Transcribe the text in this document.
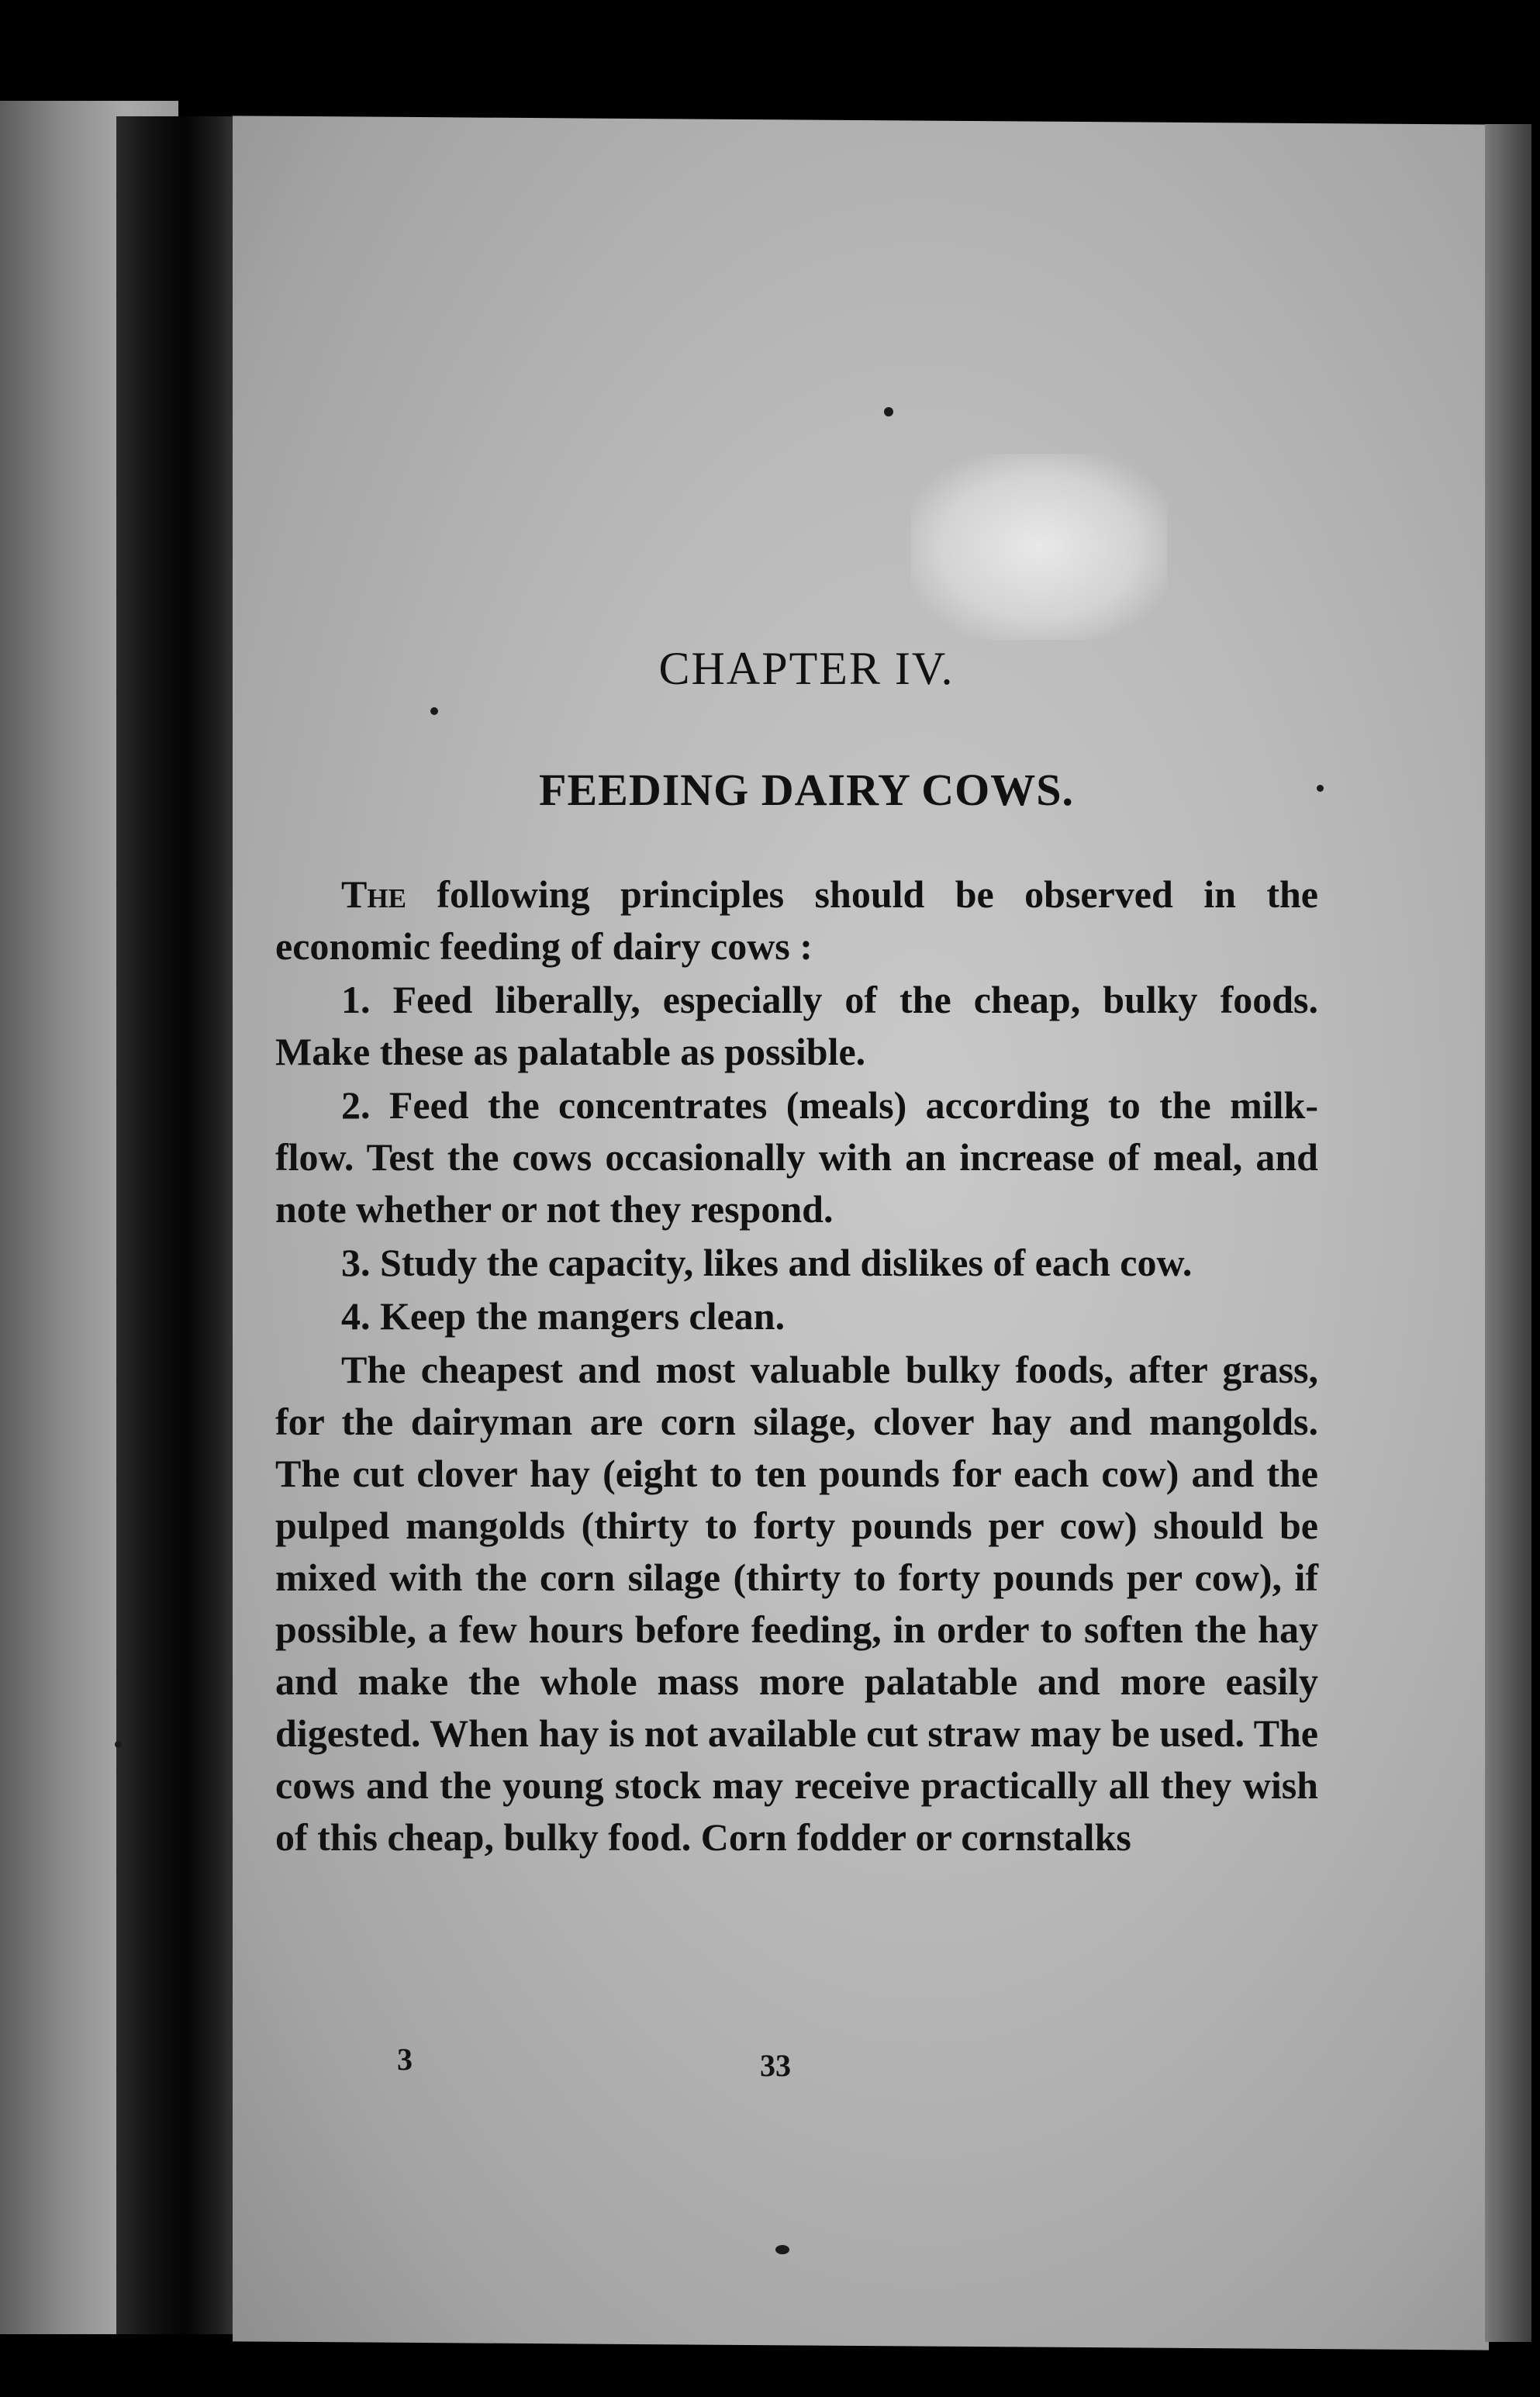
CHAPTER IV.
FEEDING DAIRY COWS.

The following principles should be observed in the economic feeding of dairy cows :

1. Feed liberally, especially of the cheap, bulky foods. Make these as palatable as possible.

2. Feed the concentrates (meals) according to the milk-flow. Test the cows occasionally with an increase of meal, and note whether or not they respond.

3. Study the capacity, likes and dislikes of each cow.

4. Keep the mangers clean.

The cheapest and most valuable bulky foods, after grass, for the dairyman are corn silage, clover hay and mangolds. The cut clover hay (eight to ten pounds for each cow) and the pulped mangolds (thirty to forty pounds per cow) should be mixed with the corn silage (thirty to forty pounds per cow), if possible, a few hours before feeding, in order to soften the hay and make the whole mass more palatable and more easily digested. When hay is not available cut straw may be used. The cows and the young stock may receive practically all they wish of this cheap, bulky food. Corn fodder or cornstalks

3	33
